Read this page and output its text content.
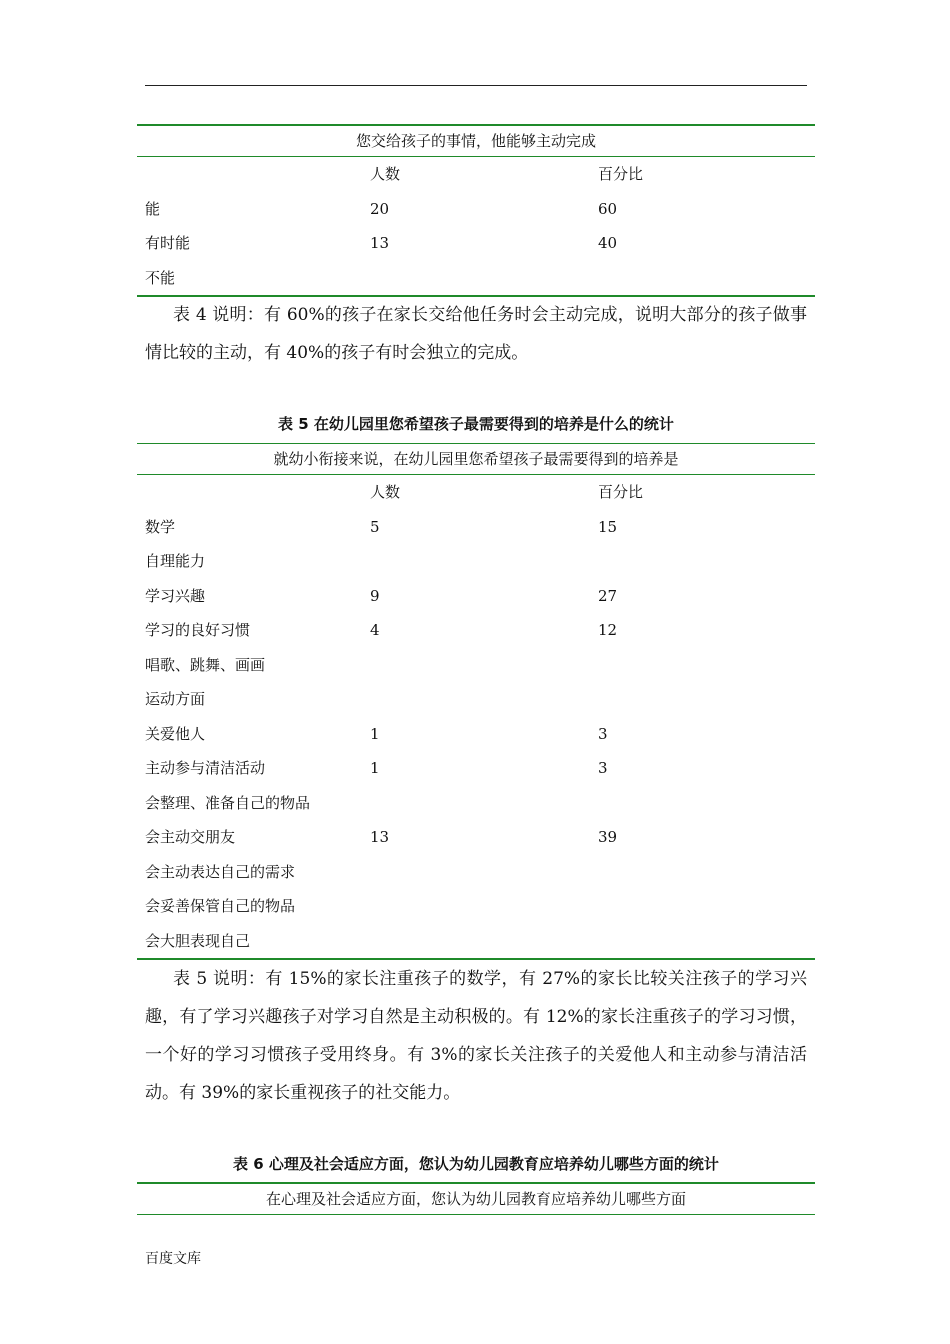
您交给孩子的事情，他能够主动完成
人数	百分比
能	20	60
有时能	13	40
不能
表 4 说明：有 60%的孩子在家长交给他任务时会主动完成，说明大部分的孩子做事情比较的主动，有 40%的孩子有时会独立的完成。
表 5 在幼儿园里您希望孩子最需要得到的培养是什么的统计
就幼小衔接来说，在幼儿园里您希望孩子最需要得到的培养是
人数	百分比
数学	5	15
自理能力
学习兴趣	9	27
学习的良好习惯	4	12
唱歌、跳舞、画画
运动方面
关爱他人	1	3
主动参与清洁活动	1	3
会整理、准备自己的物品
会主动交朋友	13	39
会主动表达自己的需求
会妥善保管自己的物品
会大胆表现自己
表 5 说明：有 15%的家长注重孩子的数学，有 27%的家长比较关注孩子的学习兴趣，有了学习兴趣孩子对学习自然是主动积极的。有 12%的家长注重孩子的学习习惯，一个好的学习习惯孩子受用终身。有 3%的家长关注孩子的关爱他人和主动参与清洁活动。有 39%的家长重视孩子的社交能力。
表 6 心理及社会适应方面，您认为幼儿园教育应培养幼儿哪些方面的统计
在心理及社会适应方面，您认为幼儿园教育应培养幼儿哪些方面
百度文库
